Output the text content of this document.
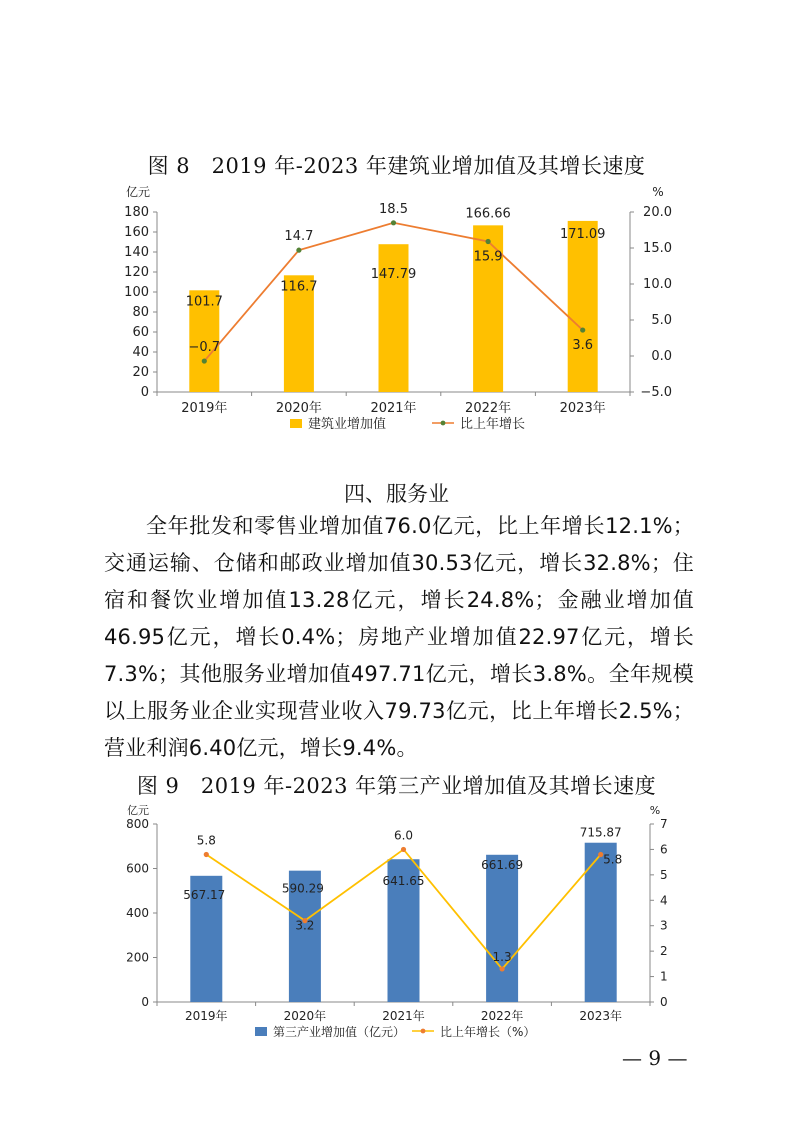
图 8　2019 年-2023 年建筑业增加值及其增长速度
0
20
40
60
80
100
120
140
160
180
亿元
−5.0
0.0
5.0
10.0
15.0
20.0
%
2019年	2020年	2021年	2022年	2023年
101.7
116.7
147.79
166.66
171.09
−0.7
14.7
18.5
15.9
3.6
建筑业增加值	比上年增长
四、服务业
全年批发和零售业增加值76.0亿元，比上年增长12.1%；交通运输、仓储和邮政业增加值30.53亿元，增长32.8%；住宿和餐饮业增加值13.28亿元，增长24.8%；金融业增加值46.95亿元，增长0.4%；房地产业增加值22.97亿元，增长7.3%；其他服务业增加值497.71亿元，增长3.8%。全年规模以上服务业企业实现营业收入79.73亿元，比上年增长2.5%；营业利润6.40亿元，增长9.4%。
图 9　2019 年-2023 年第三产业增加值及其增长速度
0
200
400
600
800
亿元
0
1
2
3
4
5
6
7
%
2019年	2020年	2021年	2022年	2023年
567.17	590.29
641.65
661.69
715.87
5.8
3.2
6.0
1.3
5.8
第三产业增加值（亿元）	比上年增长（%）
— 9 —
